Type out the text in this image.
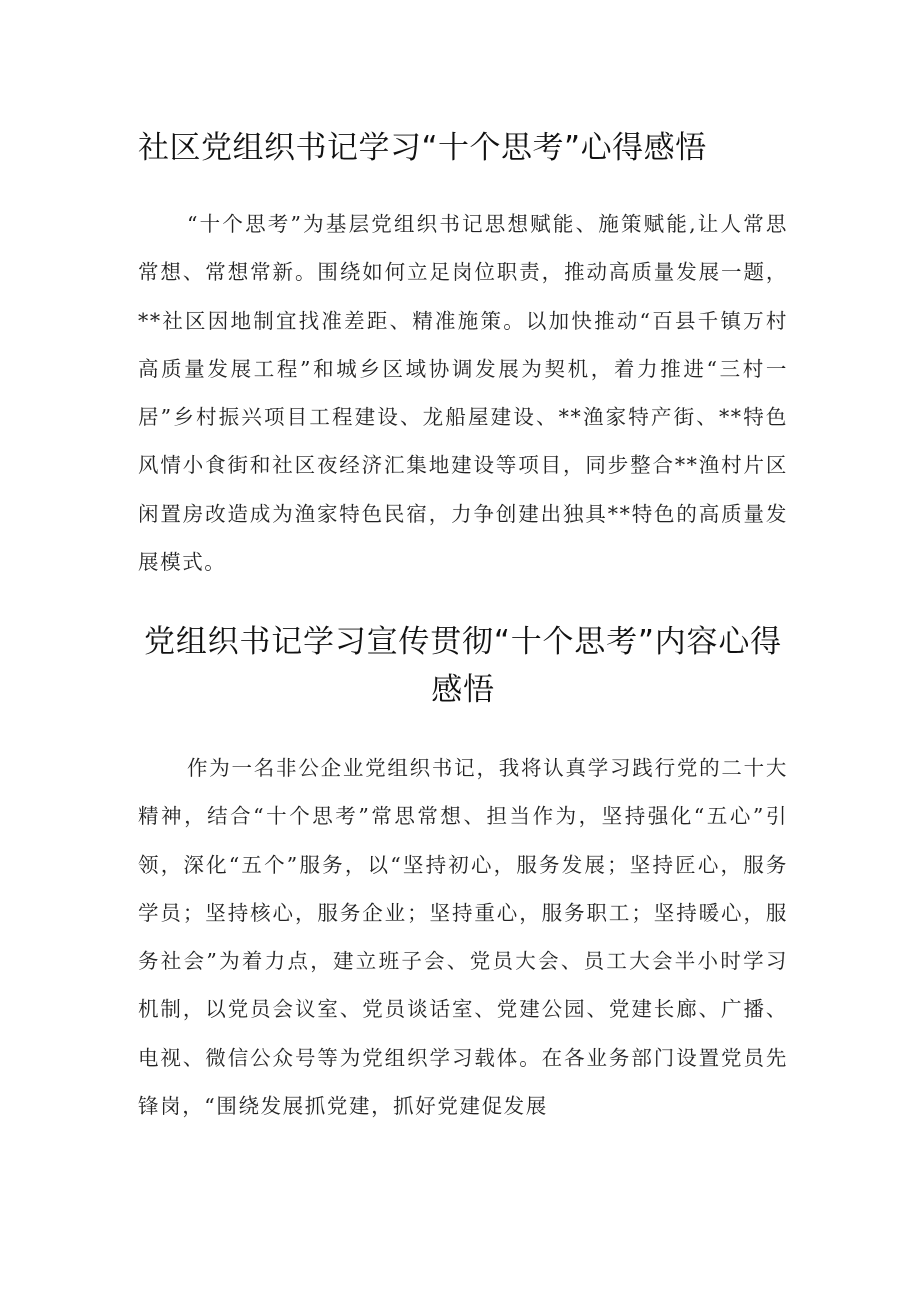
社区党组织书记学习“十个思考”心得感悟

“十个思考”为基层党组织书记思想赋能、施策赋能,让人常思常想、常想常新。围绕如何立足岗位职责，推动高质量发展一题，**社区因地制宜找准差距、精准施策。以加快推动“百县千镇万村高质量发展工程”和城乡区域协调发展为契机，着力推进“三村一居”乡村振兴项目工程建设、龙船屋建设、**渔家特产街、**特色风情小食街和社区夜经济汇集地建设等项目，同步整合**渔村片区闲置房改造成为渔家特色民宿，力争创建出独具**特色的高质量发展模式。

党组织书记学习宣传贯彻“十个思考”内容心得感悟

作为一名非公企业党组织书记，我将认真学习践行党的二十大精神，结合“十个思考”常思常想、担当作为，坚持强化“五心”引领，深化“五个”服务，以“坚持初心，服务发展；坚持匠心，服务学员；坚持核心，服务企业；坚持重心，服务职工；坚持暖心，服务社会”为着力点，建立班子会、党员大会、员工大会半小时学习机制，以党员会议室、党员谈话室、党建公园、党建长廊、广播、电视、微信公众号等为党组织学习载体。在各业务部门设置党员先锋岗，“围绕发展抓党建，抓好党建促发展
